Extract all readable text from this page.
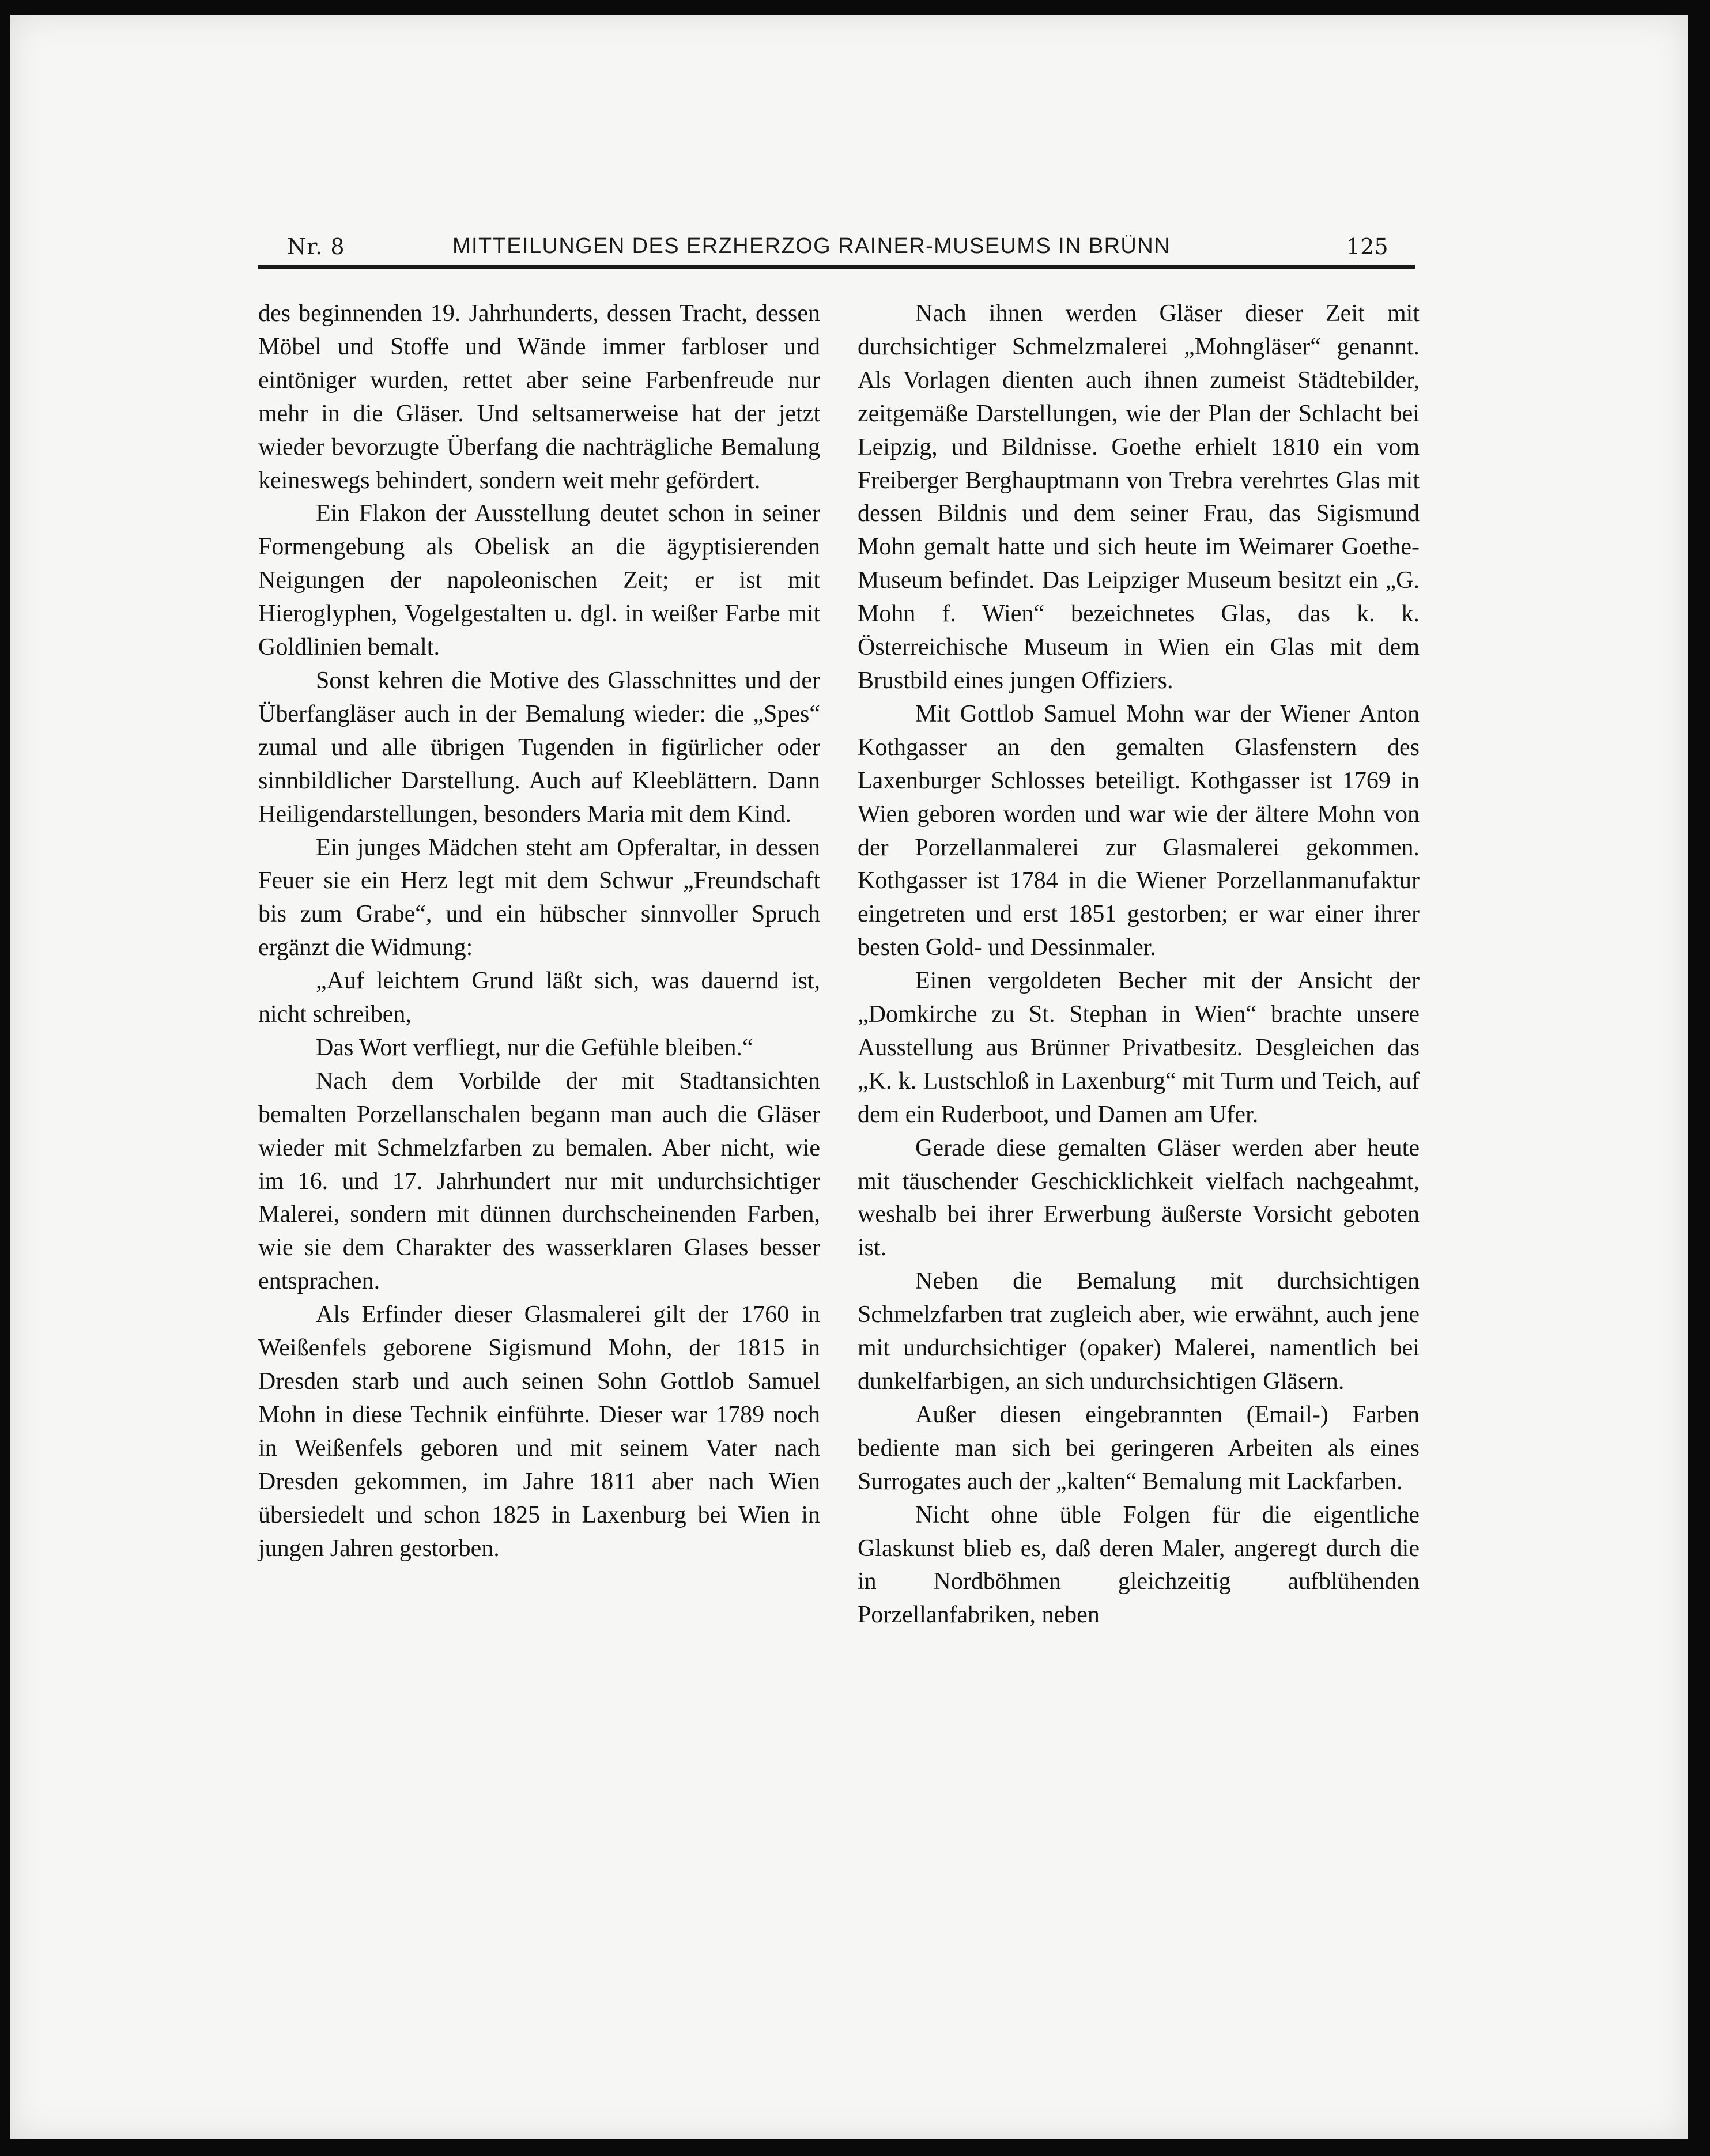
Nr. 8	MITTEILUNGEN DES ERZHERZOG RAINER-MUSEUMS IN BRÜNN	125

des beginnenden 19. Jahrhunderts, dessen Tracht, dessen Möbel und Stoffe und Wände immer farbloser und eintöniger wurden, rettet aber seine Farbenfreude nur mehr in die Gläser. Und seltsamerweise hat der jetzt wieder bevorzugte Überfang die nachträgliche Bemalung keineswegs behindert, sondern weit mehr gefördert.

Ein Flakon der Ausstellung deutet schon in seiner Formengebung als Obelisk an die ägyptisierenden Neigungen der napoleonischen Zeit; er ist mit Hieroglyphen, Vogelgestalten u. dgl. in weißer Farbe mit Goldlinien bemalt.

Sonst kehren die Motive des Glasschnittes und der Überfangläser auch in der Bemalung wieder: die „Spes“ zumal und alle übrigen Tugenden in figürlicher oder sinnbildlicher Darstellung. Auch auf Kleeblättern. Dann Heiligendarstellungen, besonders Maria mit dem Kind.

Ein junges Mädchen steht am Opferaltar, in dessen Feuer sie ein Herz legt mit dem Schwur „Freundschaft bis zum Grabe“, und ein hübscher sinnvoller Spruch ergänzt die Widmung:

„Auf leichtem Grund läßt sich, was dauernd ist, nicht schreiben,

Das Wort verfliegt, nur die Gefühle bleiben.“

Nach dem Vorbilde der mit Stadtansichten bemalten Porzellanschalen begann man auch die Gläser wieder mit Schmelzfarben zu bemalen. Aber nicht, wie im 16. und 17. Jahrhundert nur mit undurchsichtiger Malerei, sondern mit dünnen durchscheinenden Farben, wie sie dem Charakter des wasserklaren Glases besser entsprachen.

Als Erfinder dieser Glasmalerei gilt der 1760 in Weißenfels geborene Sigismund Mohn, der 1815 in Dresden starb und auch seinen Sohn Gottlob Samuel Mohn in diese Technik einführte. Dieser war 1789 noch in Weißenfels geboren und mit seinem Vater nach Dresden gekommen, im Jahre 1811 aber nach Wien übersiedelt und schon 1825 in Laxenburg bei Wien in jungen Jahren gestorben.

Nach ihnen werden Gläser dieser Zeit mit durchsichtiger Schmelzmalerei „Mohngläser“ genannt. Als Vorlagen dienten auch ihnen zumeist Städtebilder, zeitgemäße Darstellungen, wie der Plan der Schlacht bei Leipzig, und Bildnisse. Goethe erhielt 1810 ein vom Freiberger Berghauptmann von Trebra verehrtes Glas mit dessen Bildnis und dem seiner Frau, das Sigismund Mohn gemalt hatte und sich heute im Weimarer Goethe-Museum befindet. Das Leipziger Museum besitzt ein „G. Mohn f. Wien“ bezeichnetes Glas, das k. k. Österreichische Museum in Wien ein Glas mit dem Brustbild eines jungen Offiziers.

Mit Gottlob Samuel Mohn war der Wiener Anton Kothgasser an den gemalten Glasfenstern des Laxenburger Schlosses beteiligt. Kothgasser ist 1769 in Wien geboren worden und war wie der ältere Mohn von der Porzellanmalerei zur Glasmalerei gekommen. Kothgasser ist 1784 in die Wiener Porzellanmanufaktur eingetreten und erst 1851 gestorben; er war einer ihrer besten Gold- und Dessinmaler.

Einen vergoldeten Becher mit der Ansicht der „Domkirche zu St. Stephan in Wien“ brachte unsere Ausstellung aus Brünner Privatbesitz. Desgleichen das „K. k. Lustschloß in Laxenburg“ mit Turm und Teich, auf dem ein Ruderboot, und Damen am Ufer.

Gerade diese gemalten Gläser werden aber heute mit täuschender Geschicklichkeit vielfach nachgeahmt, weshalb bei ihrer Erwerbung äußerste Vorsicht geboten ist.

Neben die Bemalung mit durchsichtigen Schmelzfarben trat zugleich aber, wie erwähnt, auch jene mit undurchsichtiger (opaker) Malerei, namentlich bei dunkelfarbigen, an sich undurchsichtigen Gläsern.

Außer diesen eingebrannten (Email-) Farben bediente man sich bei geringeren Arbeiten als eines Surrogates auch der „kalten“ Bemalung mit Lackfarben.

Nicht ohne üble Folgen für die eigentliche Glaskunst blieb es, daß deren Maler, angeregt durch die in Nordböhmen gleichzeitig aufblühenden Porzellanfabriken, neben
